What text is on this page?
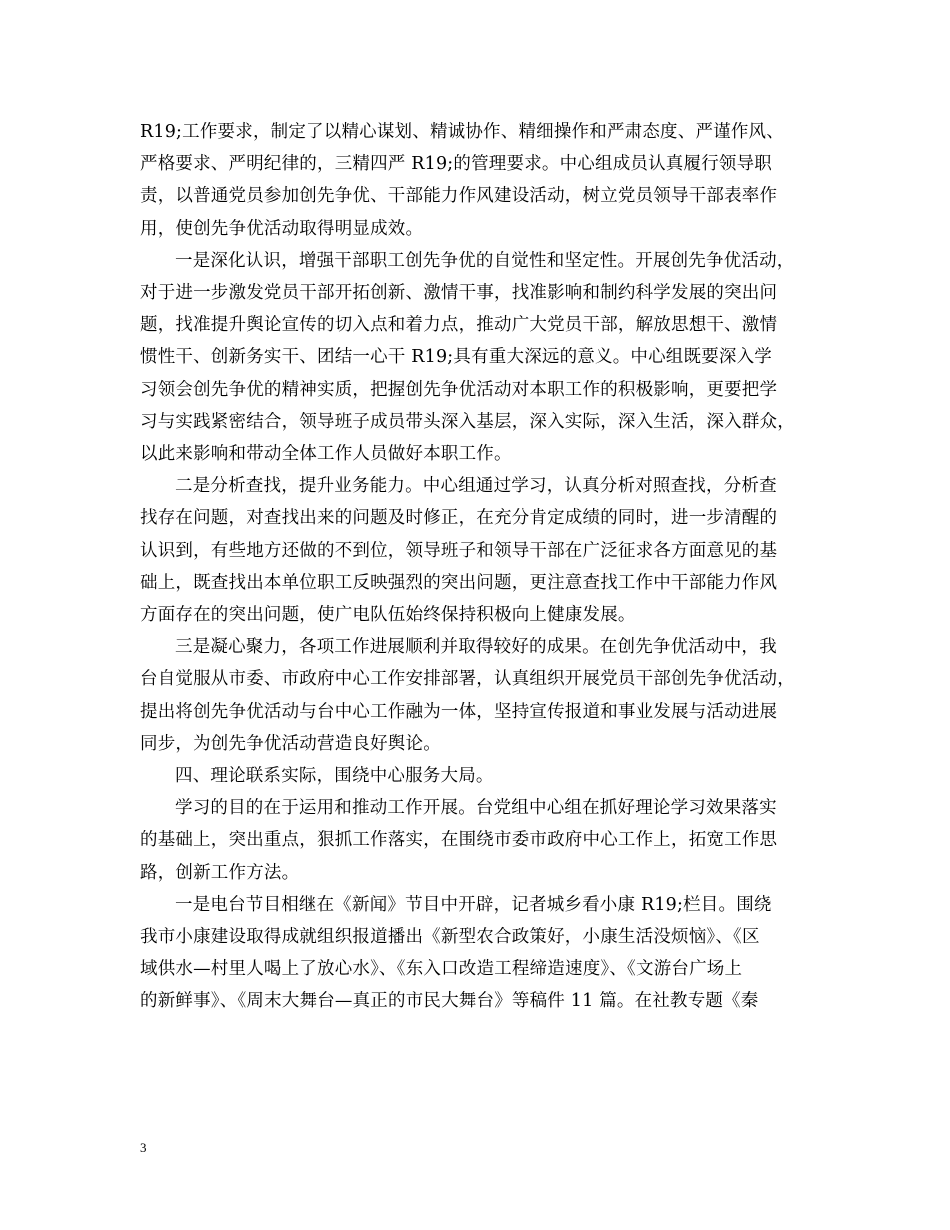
R19;工作要求，制定了以精心谋划、精诚协作、精细操作和严肃态度、严谨作风、
严格要求、严明纪律的，三精四严 R19;的管理要求。中心组成员认真履行领导职
责，以普通党员参加创先争优、干部能力作风建设活动，树立党员领导干部表率作
用，使创先争优活动取得明显成效。

一是深化认识，增强干部职工创先争优的自觉性和坚定性。开展创先争优活动，
对于进一步激发党员干部开拓创新、激情干事，找准影响和制约科学发展的突出问
题，找准提升舆论宣传的切入点和着力点，推动广大党员干部，解放思想干、激情
惯性干、创新务实干、团结一心干 R19;具有重大深远的意义。中心组既要深入学
习领会创先争优的精神实质，把握创先争优活动对本职工作的积极影响，更要把学
习与实践紧密结合，领导班子成员带头深入基层，深入实际，深入生活，深入群众，
以此来影响和带动全体工作人员做好本职工作。

二是分析查找，提升业务能力。中心组通过学习，认真分析对照查找，分析查
找存在问题，对查找出来的问题及时修正，在充分肯定成绩的同时，进一步清醒的
认识到，有些地方还做的不到位，领导班子和领导干部在广泛征求各方面意见的基
础上，既查找出本单位职工反映强烈的突出问题，更注意查找工作中干部能力作风
方面存在的突出问题，使广电队伍始终保持积极向上健康发展。

三是凝心聚力，各项工作进展顺利并取得较好的成果。在创先争优活动中，我
台自觉服从市委、市政府中心工作安排部署，认真组织开展党员干部创先争优活动，
提出将创先争优活动与台中心工作融为一体，坚持宣传报道和事业发展与活动进展
同步，为创先争优活动营造良好舆论。

四、理论联系实际，围绕中心服务大局。

学习的目的在于运用和推动工作开展。台党组中心组在抓好理论学习效果落实
的基础上，突出重点，狠抓工作落实，在围绕市委市政府中心工作上，拓宽工作思
路，创新工作方法。

一是电台节目相继在《新闻》节目中开辟，记者城乡看小康 R19;栏目。围绕
我市小康建设取得成就组织报道播出《新型农合政策好，小康生活没烦恼》、《区
域供水—村里人喝上了放心水》、《东入口改造工程缔造速度》、《文游台广场上
的新鲜事》、《周末大舞台—真正的市民大舞台》等稿件 11 篇。在社教专题《秦

3
